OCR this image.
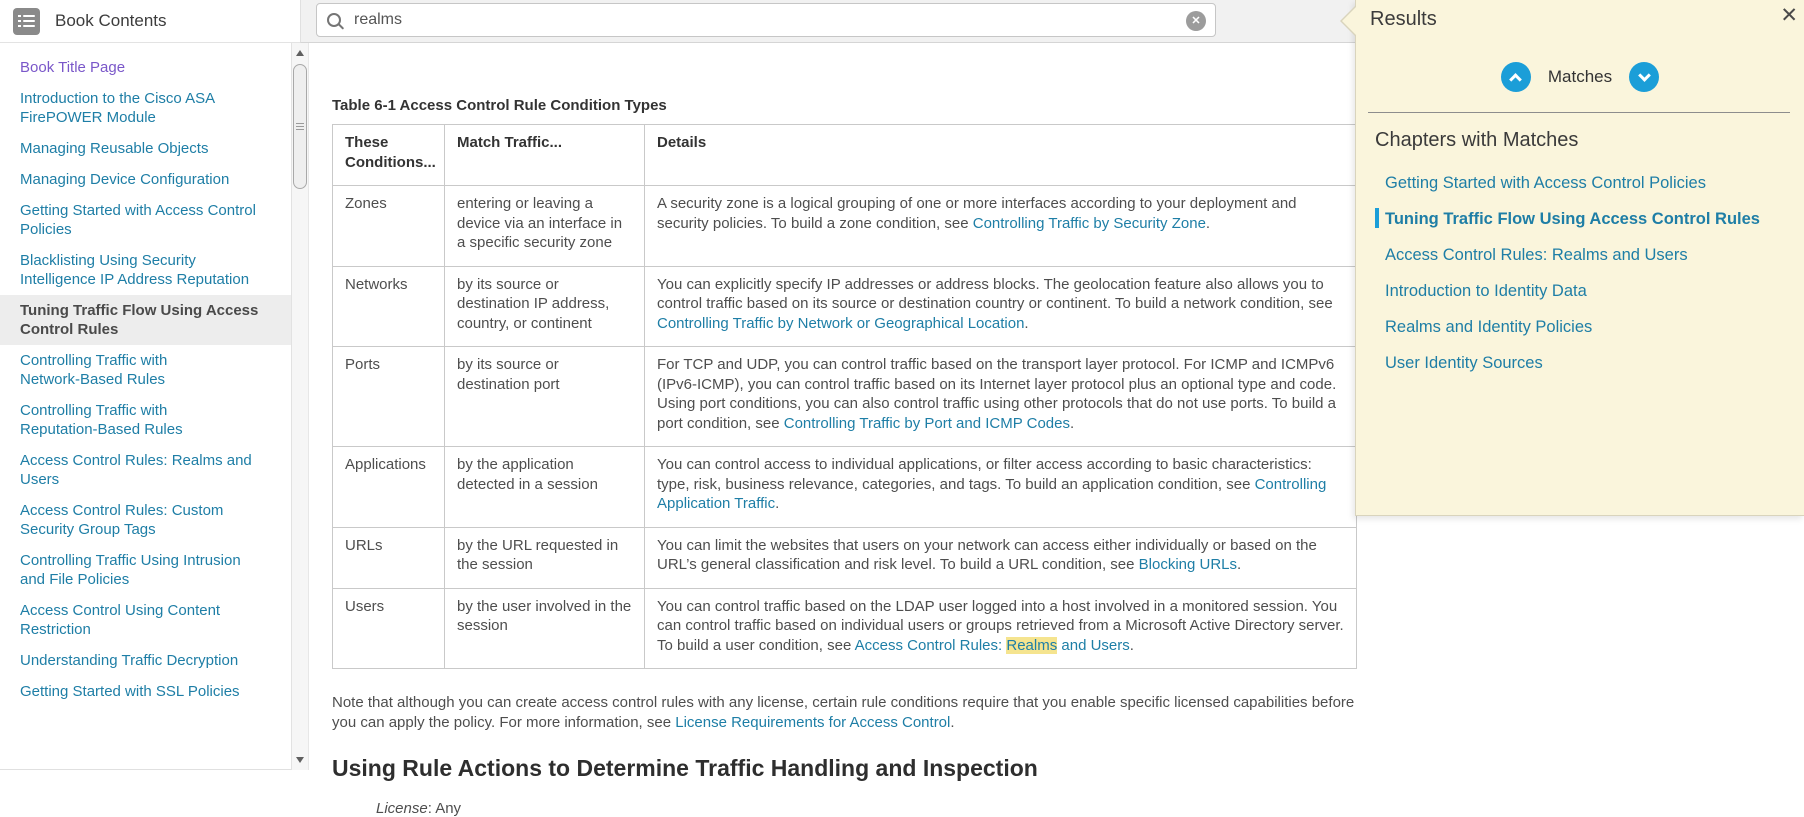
Book Contents
realms	✕
Book Title Page
Introduction to the Cisco ASA FirePOWER Module
Managing Reusable Objects
Managing Device Configuration
Getting Started with Access Control Policies
Blacklisting Using Security Intelligence IP Address Reputation
Tuning Traffic Flow Using Access Control Rules
Controlling Traffic with Network‑Based Rules
Controlling Traffic with Reputation‑Based Rules
Access Control Rules: Realms and Users
Access Control Rules: Custom Security Group Tags
Controlling Traffic Using Intrusion and File Policies
Access Control Using Content Restriction
Understanding Traffic Decryption
Getting Started with SSL Policies
Table 6-1 Access Control Rule Condition Types
These Conditions...	Match Traffic...	Details
Zones	entering or leaving a device via an interface in a specific security zone	A security zone is a logical grouping of one or more interfaces according to your deployment and security policies. To build a zone condition, see Controlling Traffic by Security Zone.
Networks	by its source or destination IP address, country, or continent	You can explicitly specify IP addresses or address blocks. The geolocation feature also allows you to control traffic based on its source or destination country or continent. To build a network condition, see Controlling Traffic by Network or Geographical Location.
Ports	by its source or destination port	For TCP and UDP, you can control traffic based on the transport layer protocol. For ICMP and ICMPv6 (IPv6-ICMP), you can control traffic based on its Internet layer protocol plus an optional type and code. Using port conditions, you can also control traffic using other protocols that do not use ports. To build a port condition, see Controlling Traffic by Port and ICMP Codes.
Applications	by the application detected in a session	You can control access to individual applications, or filter access according to basic characteristics: type, risk, business relevance, categories, and tags. To build an application condition, see Controlling Application Traffic.
URLs	by the URL requested in the session	You can limit the websites that users on your network can access either individually or based on the URL’s general classification and risk level. To build a URL condition, see Blocking URLs.
Users	by the user involved in the session	You can control traffic based on the LDAP user logged into a host involved in a monitored session. You can control traffic based on individual users or groups retrieved from a Microsoft Active Directory server. To build a user condition, see Access Control Rules: Realms and Users.

Note that although you can create access control rules with any license, certain rule conditions require that you enable specific licensed capabilities before you can apply the policy. For more information, see License Requirements for Access Control.

Using Rule Actions to Determine Traffic Handling and Inspection
License: Any
Results	✕
Matches
Chapters with Matches
Getting Started with Access Control Policies
Tuning Traffic Flow Using Access Control Rules
Access Control Rules: Realms and Users
Introduction to Identity Data
Realms and Identity Policies
User Identity Sources
